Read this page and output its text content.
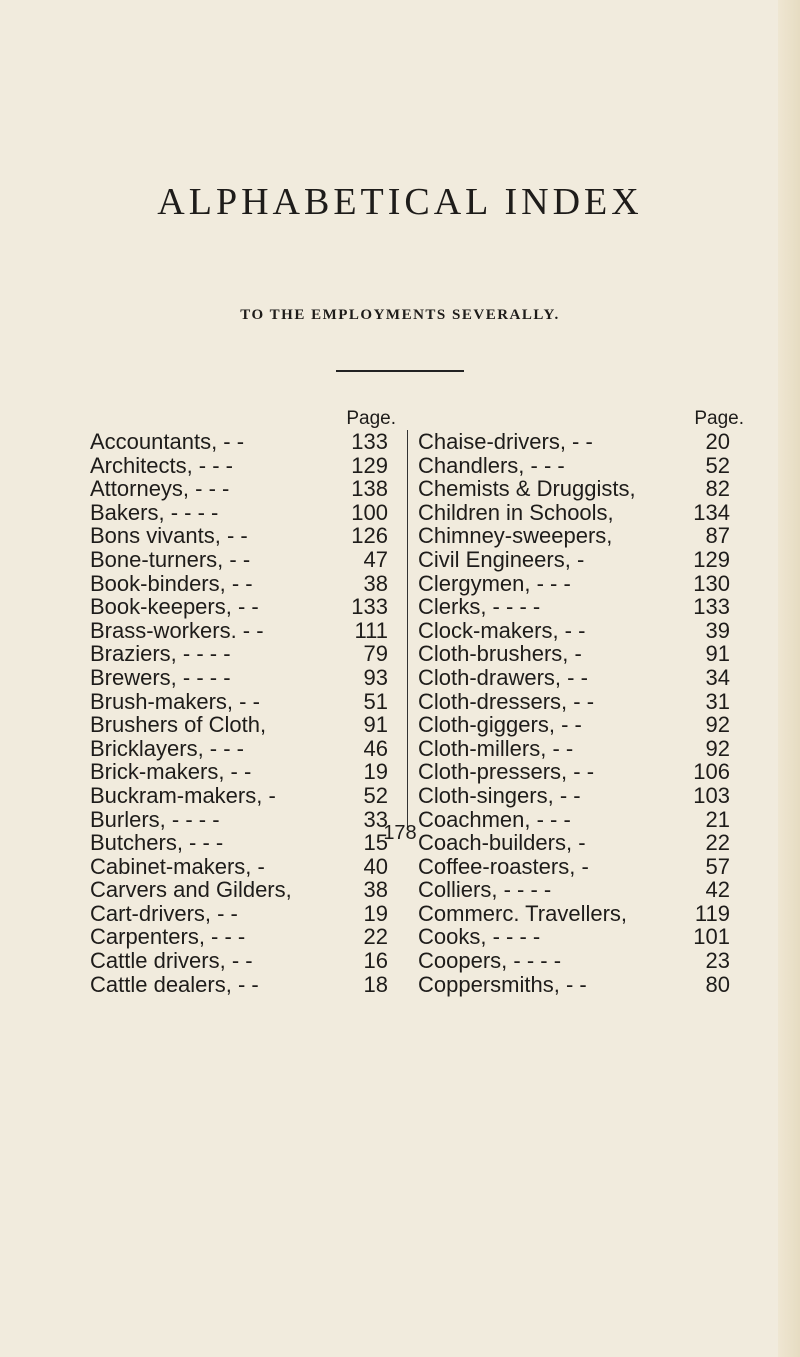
ALPHABETICAL INDEX
TO THE EMPLOYMENTS SEVERALLY.
Page.
Accountants, - -	133
Architects, - - -	129
Attorneys, - - -	138
Bakers, - - - -	100
Bons vivants, - -	126
Bone-turners, - -	47
Book-binders, - -	38
Book-keepers, - -	133
Brass-workers. - -	111
Braziers, - - - -	79
Brewers, - - - -	93
Brush-makers, - -	51
Brushers of Cloth,	91
Bricklayers, - - -	46
Brick-makers, - -	19
Buckram-makers, -	52
Burlers, - - - -	33
Butchers, - - -	15
Cabinet-makers, -	40
Carvers and Gilders,	38
Cart-drivers, - -	19
Carpenters, - - -	22
Cattle drivers, - -	16
Cattle dealers, - -	18
Page.
Chaise-drivers, - -	20
Chandlers, - - -	52
Chemists & Druggists,	82
Children in Schools,	134
Chimney-sweepers,	87
Civil Engineers, -	129
Clergymen, - - -	130
Clerks, - - - -	133
Clock-makers, - -	39
Cloth-brushers, -	91
Cloth-drawers, - -	34
Cloth-dressers, - -	31
Cloth-giggers, - -	92
Cloth-millers, - -	92
Cloth-pressers, - -	106
Cloth-singers, - -	103
Coachmen, - - -	21
Coach-builders, -	22
Coffee-roasters, -	57
Colliers, - - - -	42
Commerc. Travellers,	119
Cooks, - - - -	101
Coopers, - - - -	23
Coppersmiths, - -	80
178
